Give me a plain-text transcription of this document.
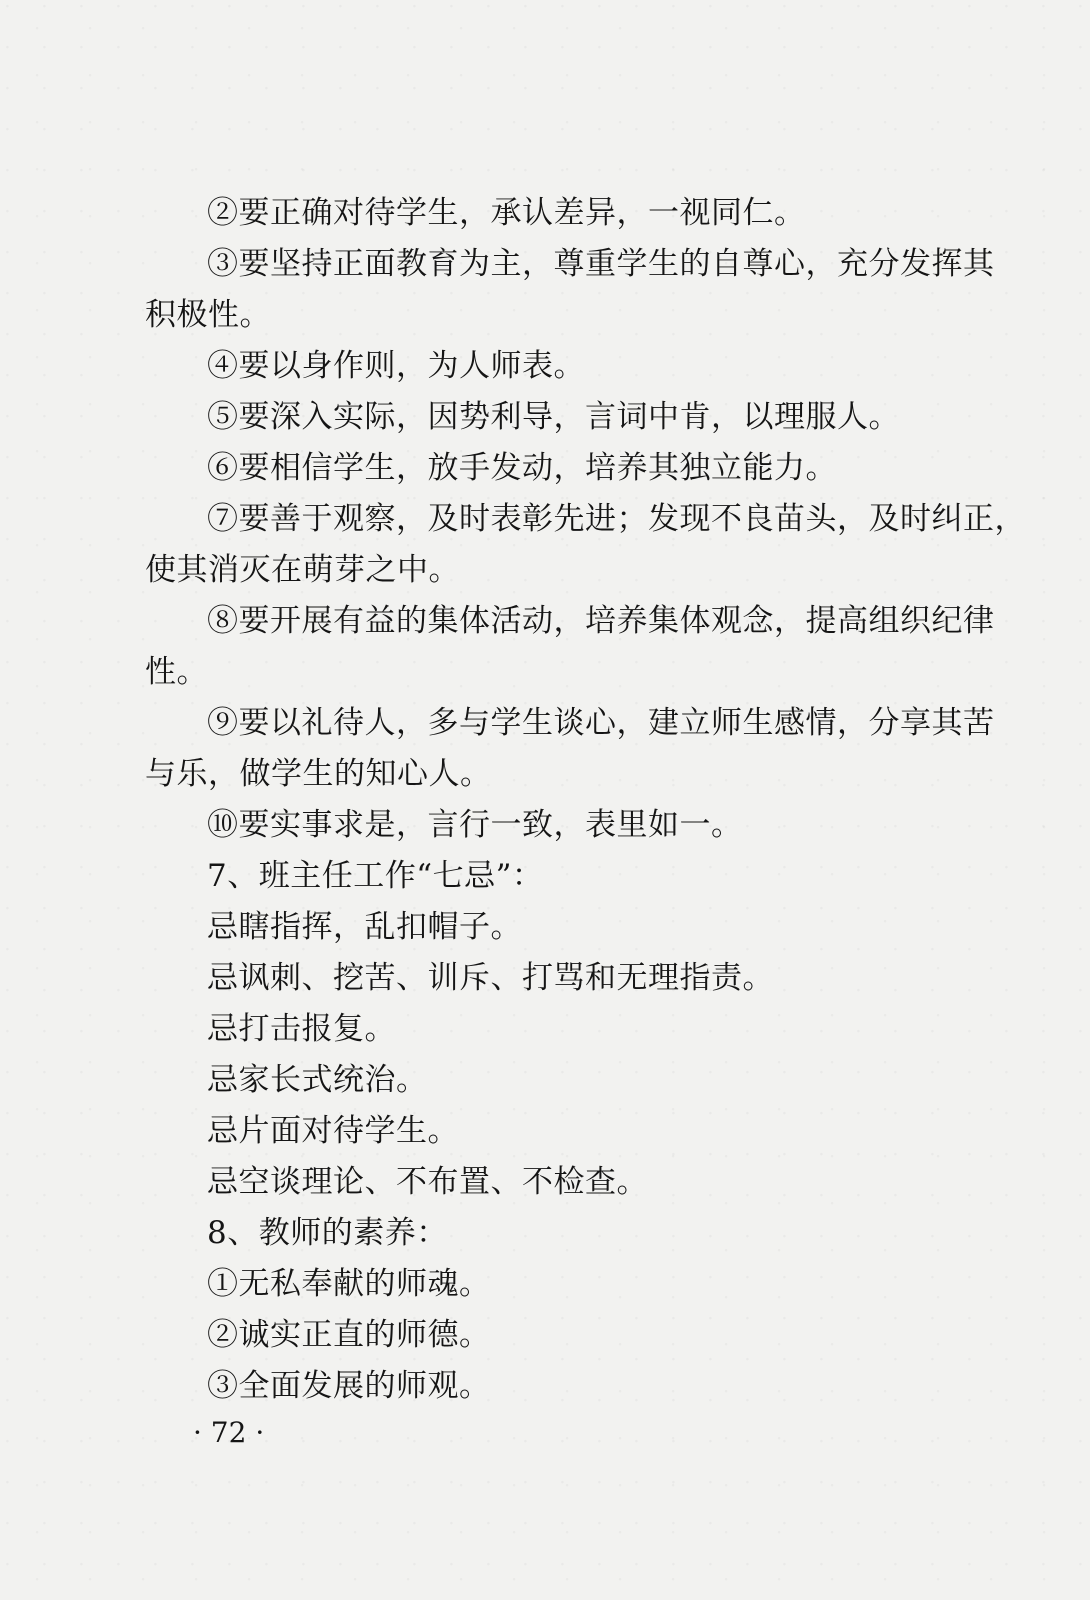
②要正确对待学生，承认差异，一视同仁。
③要坚持正面教育为主，尊重学生的自尊心，充分发挥其
积极性。
④要以身作则，为人师表。
⑤要深入实际，因势利导，言词中肯，以理服人。
⑥要相信学生，放手发动，培养其独立能力。
⑦要善于观察，及时表彰先进；发现不良苗头，及时纠正，
使其消灭在萌芽之中。
⑧要开展有益的集体活动，培养集体观念，提高组织纪律
性。
⑨要以礼待人，多与学生谈心，建立师生感情，分享其苦
与乐，做学生的知心人。
⑩要实事求是，言行一致，表里如一。
7、班主任工作“七忌”：
忌瞎指挥，乱扣帽子。
忌讽刺、挖苦、训斥、打骂和无理指责。
忌打击报复。
忌家长式统治。
忌片面对待学生。
忌空谈理论、不布置、不检查。
8、教师的素养：
①无私奉献的师魂。
②诚实正直的师德。
③全面发展的师观。
· 72 ·
